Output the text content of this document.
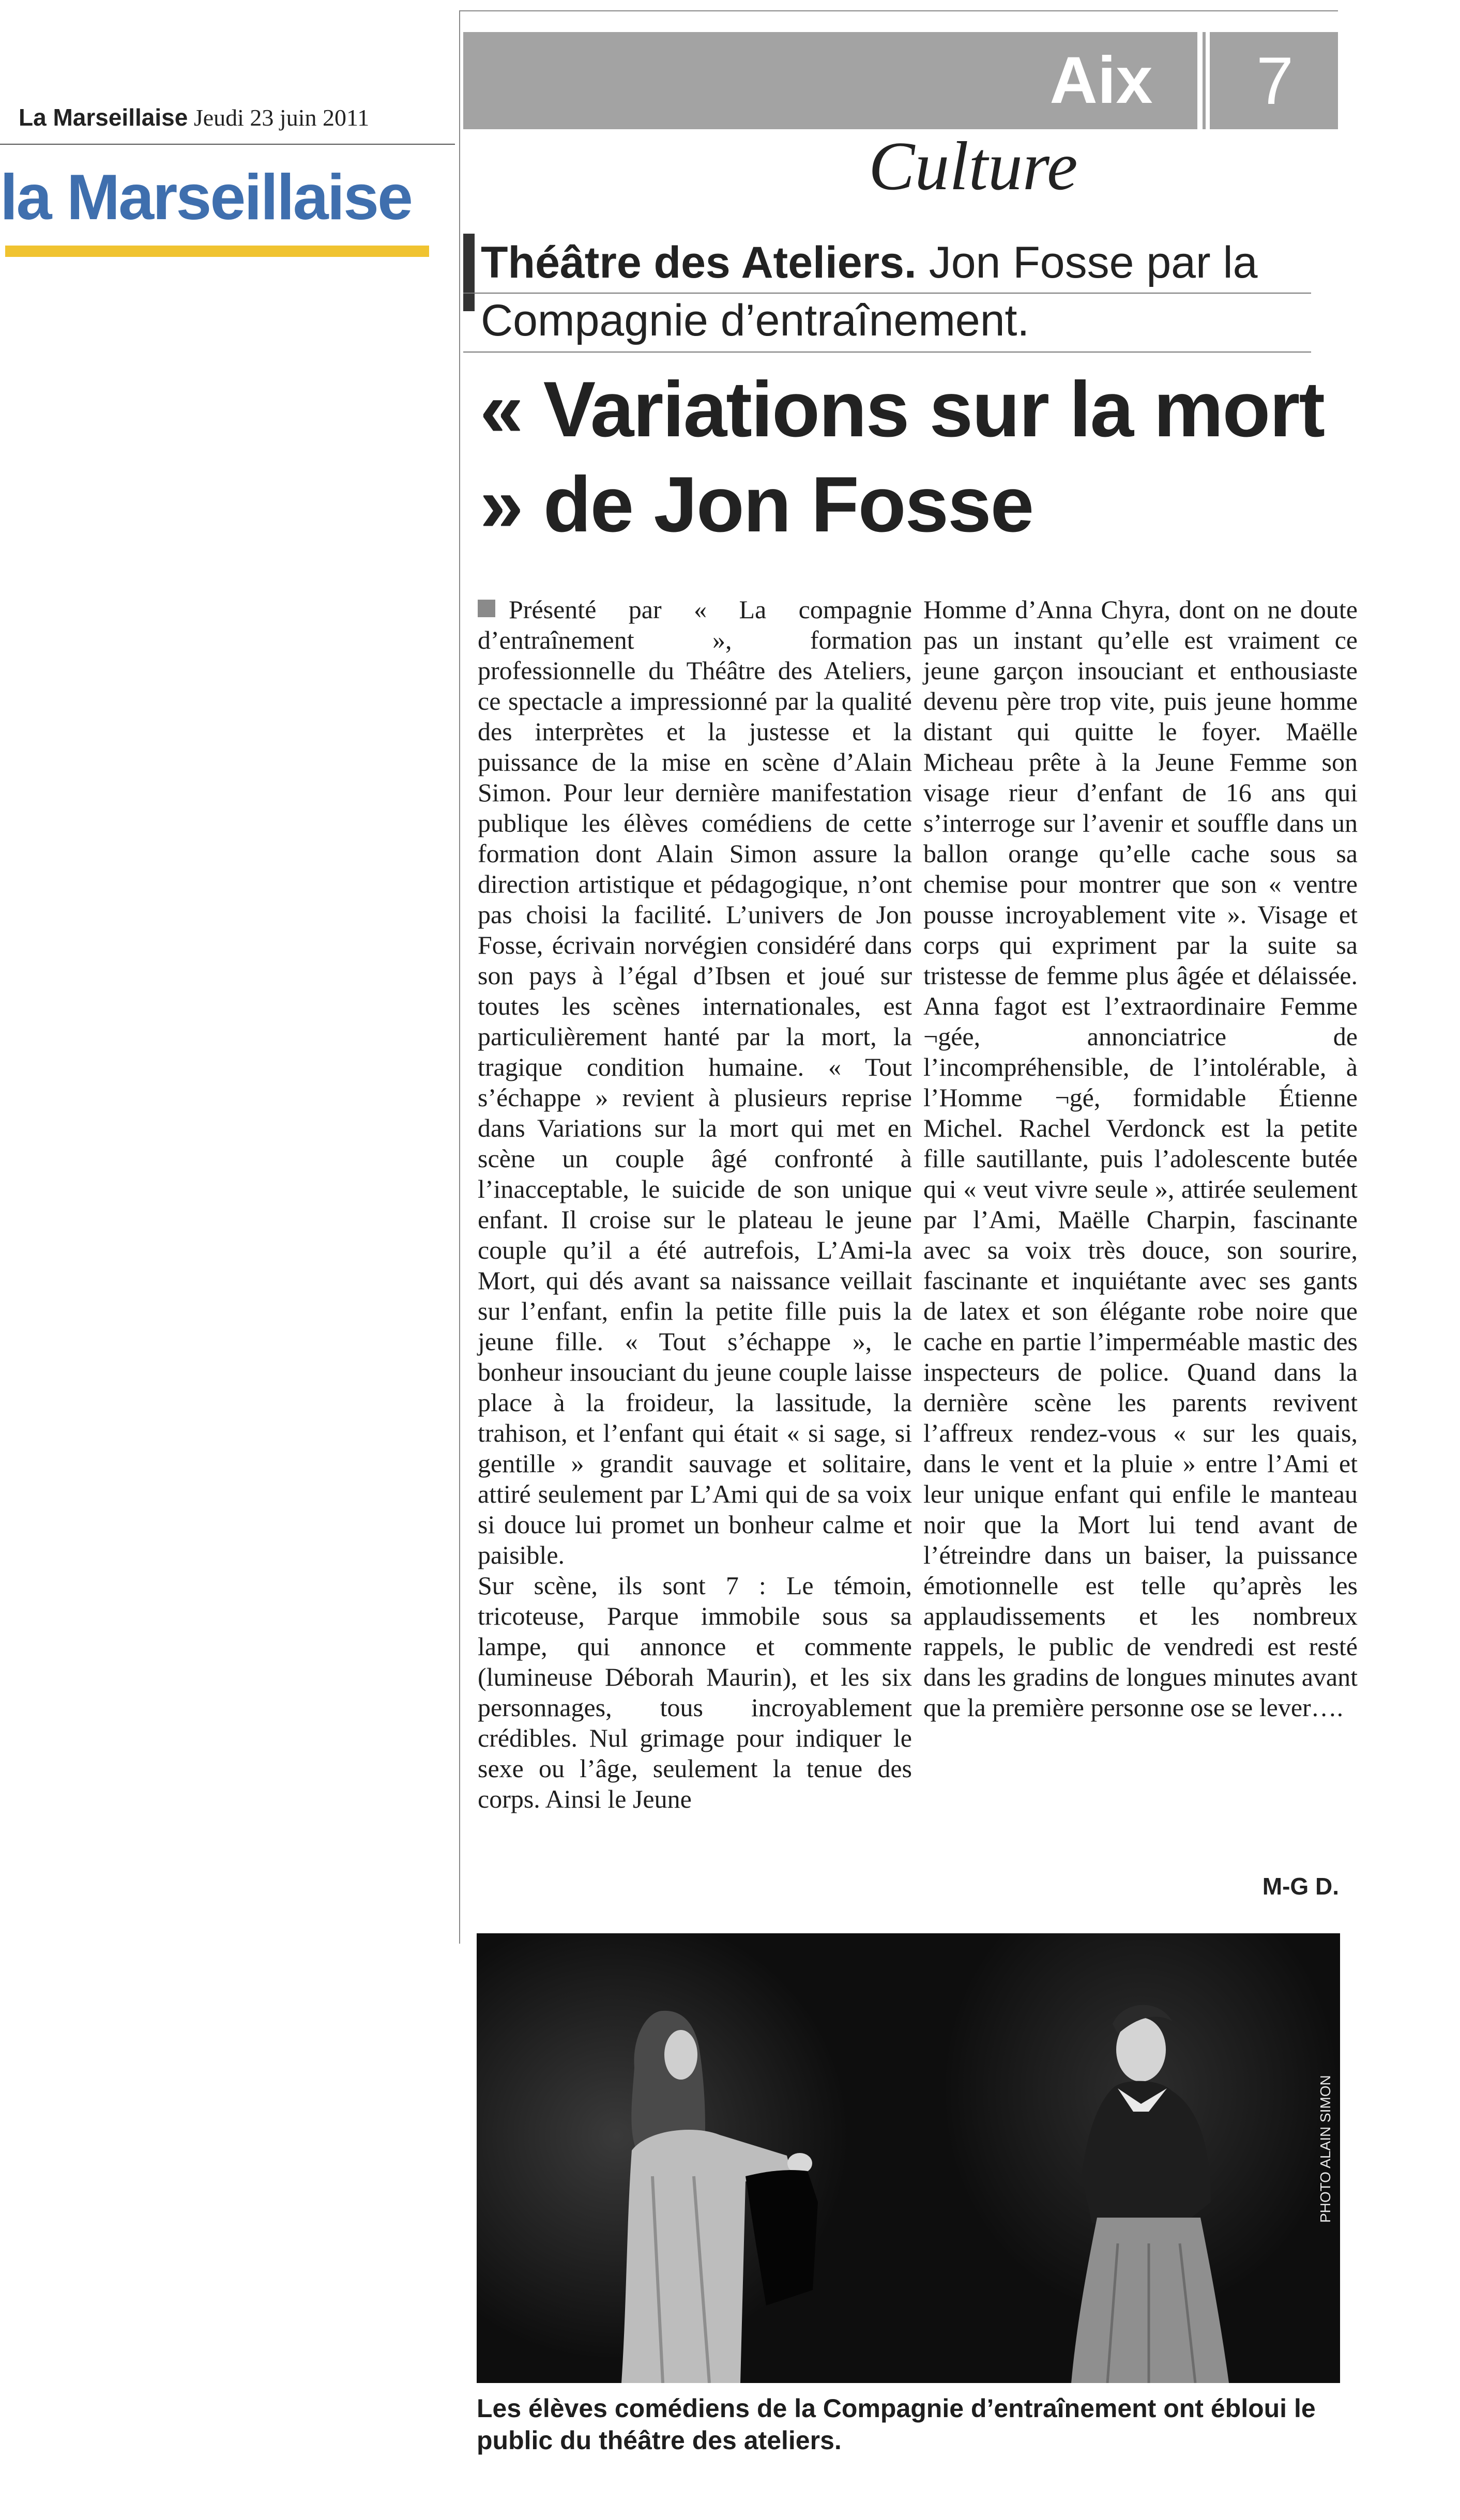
La Marseillaise Jeudi 23 juin 2011
la Marseillaise
Aix	7
Culture
Théâtre des Ateliers. Jon Fosse par la Compagnie d’entraînement.
« Variations sur la mort » de Jon Fosse

Présenté par « La compagnie d’entraînement », formation professionnelle du Théâtre des Ateliers, ce spectacle a impressionné par la qualité des interprètes et la justesse et la puissance de la mise en scène d’Alain Simon. Pour leur dernière manifestation publique les élèves comédiens de cette formation dont Alain Simon assure la direction artistique et pédagogique, n’ont pas choisi la facilité. L’univers de Jon Fosse, écrivain norvégien considéré dans son pays à l’égal d’Ibsen et joué sur toutes les scènes internationales, est particulièrement hanté par la mort, la tragique condition humaine. « Tout s’échappe » revient à plusieurs reprise dans Variations sur la mort qui met en scène un couple âgé confronté à l’inacceptable, le suicide de son unique enfant. Il croise sur le plateau le jeune couple qu’il a été autrefois, L’Ami-la Mort, qui dés avant sa naissance veillait sur l’enfant, enfin la petite fille puis la jeune fille. « Tout s’échappe », le bonheur insouciant du jeune couple laisse place à la froideur, la lassitude, la trahison, et l’enfant qui était « si sage, si gentille » grandit sauvage et solitaire, attiré seulement par L’Ami qui de sa voix si douce lui promet un bonheur calme et paisible.

Sur scène, ils sont 7 : Le témoin, tricoteuse, Parque immobile sous sa lampe, qui annonce et commente (lumineuse Déborah Maurin), et les six personnages, tous incroyablement crédibles. Nul grimage pour indiquer le sexe ou l’âge, seulement la tenue des corps. Ainsi le Jeune

Homme d’Anna Chyra, dont on ne doute pas un instant qu’elle est vraiment ce jeune garçon insouciant et enthousiaste devenu père trop vite, puis jeune homme distant qui quitte le foyer. Maëlle Micheau prête à la Jeune Femme son visage rieur d’enfant de 16 ans qui s’interroge sur l’avenir et souffle dans un ballon orange qu’elle cache sous sa chemise pour montrer que son « ventre pousse incroyablement vite ». Visage et corps qui expriment par la suite sa tristesse de femme plus âgée et délaissée. Anna fagot est l’extraordinaire Femme ¬gée, annonciatrice de l’incompréhensible, de l’intolérable, à l’Homme ¬gé, formidable Étienne Michel. Rachel Verdonck est la petite fille sautillante, puis l’adolescente butée qui « veut vivre seule », attirée seulement par l’Ami, Maëlle Charpin, fascinante avec sa voix très douce, son sourire, fascinante et inquiétante avec ses gants de latex et son élégante robe noire que cache en partie l’imperméable mastic des inspecteurs de police. Quand dans la dernière scène les parents revivent l’affreux rendez-vous « sur les quais, dans le vent et la pluie » entre l’Ami et leur unique enfant qui enfile le manteau noir que la Mort lui tend avant de l’étreindre dans un baiser, la puissance émotionnelle est telle qu’après les applaudissements et les nombreux rappels, le public de vendredi est resté dans les gradins de longues minutes avant que la première personne ose se lever….

M-G D.
PHOTO ALAIN SIMON
Les élèves comédiens de la Compagnie d’entraînement ont ébloui le public du théâtre des ateliers.
